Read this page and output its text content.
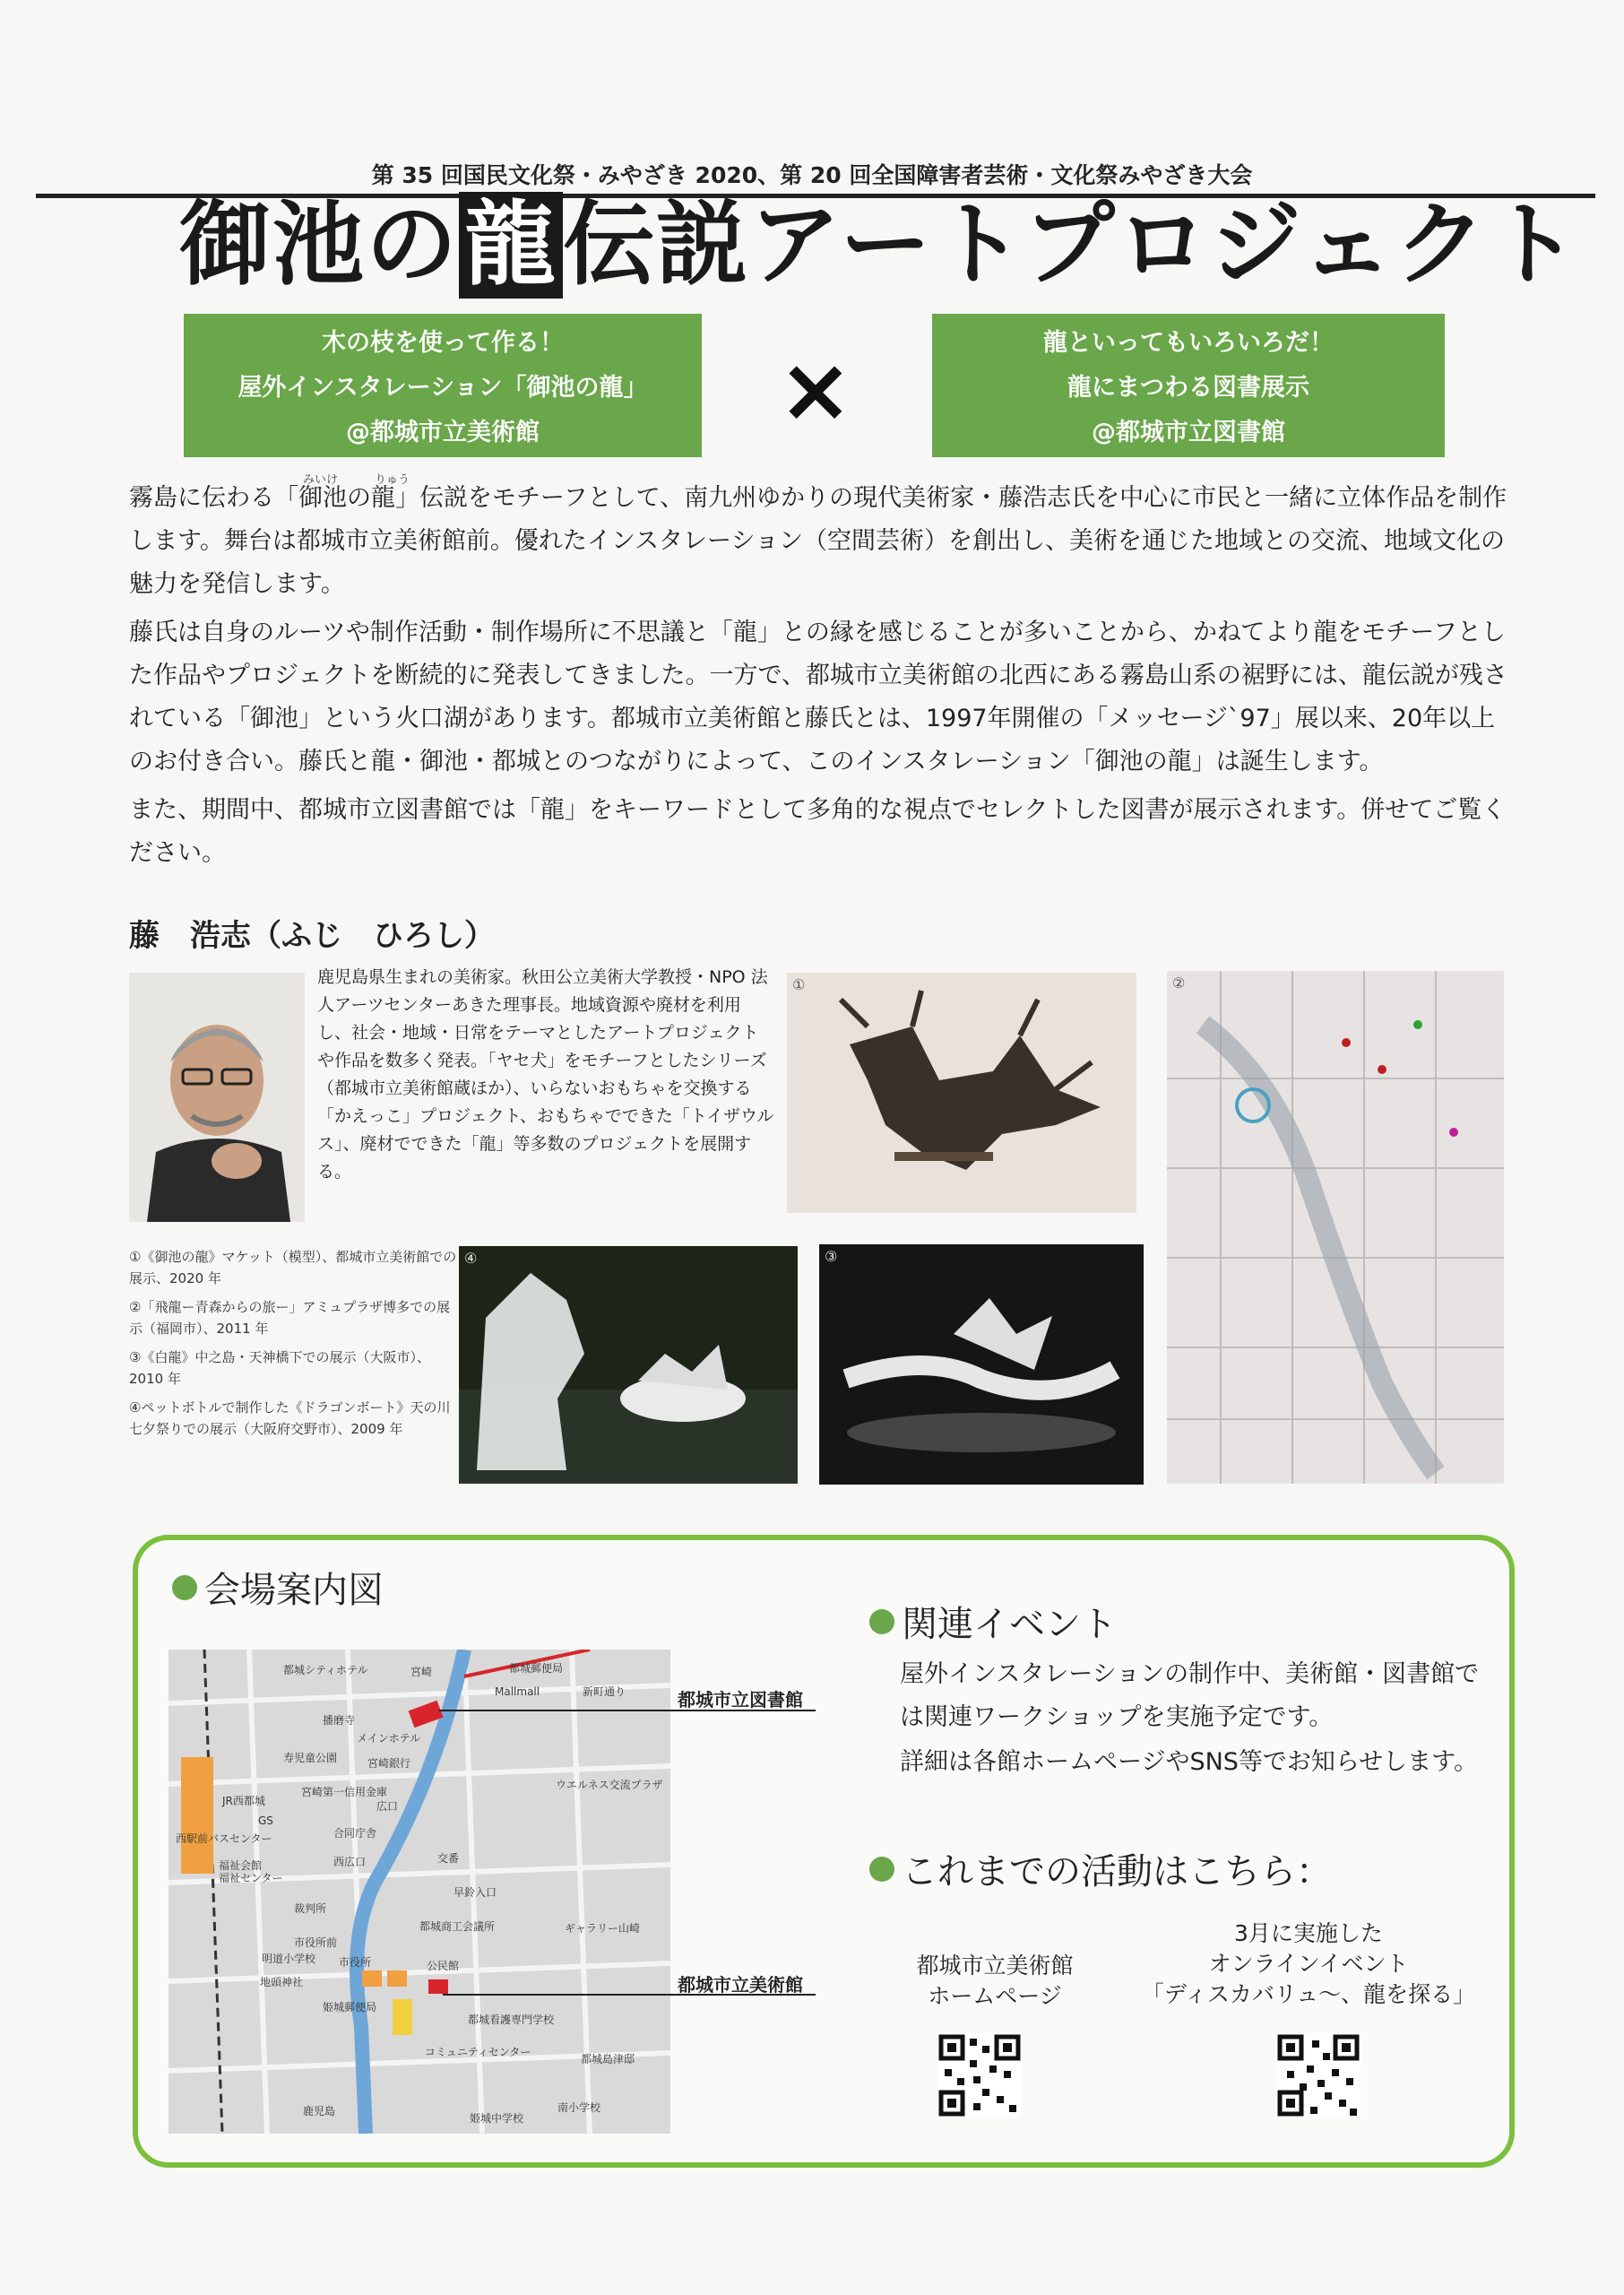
第 35 回国民文化祭・みやざき 2020、第 20 回全国障害者芸術・文化祭みやざき大会
御池の龍伝説アートプロジェクト
木の枝を使って作る！
屋外インスタレーション「御池の龍」
@都城市立美術館	×	龍といってもいろいろだ！
龍にまつわる図書展示
@都城市立図書館
みいけ	りゅう

霧島に伝わる「御池の龍」伝説をモチーフとして、南九州ゆかりの現代美術家・藤浩志氏を中心に市民と一緒に立体作品を制作します。舞台は都城市立美術館前。優れたインスタレーション（空間芸術）を創出し、美術を通じた地域との交流、地域文化の魅力を発信します。

藤氏は自身のルーツや制作活動・制作場所に不思議と「龍」との縁を感じることが多いことから、かねてより龍をモチーフとした作品やプロジェクトを断続的に発表してきました。一方で、都城市立美術館の北西にある霧島山系の裾野には、龍伝説が残されている「御池」という火口湖があります。都城市立美術館と藤氏とは、1997年開催の「メッセージ`97」展以来、20年以上のお付き合い。藤氏と龍・御池・都城とのつながりによって、このインスタレーション「御池の龍」は誕生します。

また、期間中、都城市立図書館では「龍」をキーワードとして多角的な視点でセレクトした図書が展示されます。併せてご覧ください。

藤　浩志（ふじ　ひろし）
鹿児島県生まれの美術家。秋田公立美術大学教授・NPO 法人アーツセンターあきた理事長。地域資源や廃材を利用し、社会・地域・日常をテーマとしたアートプロジェクトや作品を数多く発表。「ヤセ犬」をモチーフとしたシリーズ（都城市立美術館蔵ほか）、いらないおもちゃを交換する「かえっこ」プロジェクト、おもちゃでできた「トイザウルス」、廃材でできた「龍」等多数のプロジェクトを展開する。
①《御池の龍》マケット（模型）、都城市立美術館での展示、2020 年
②「飛龍ー青森からの旅ー」アミュプラザ博多での展示（福岡市）、2011 年
③《白龍》中之島・天神橋下での展示（大阪市）、2010 年
④ペットボトルで制作した《ドラゴンボート》天の川七夕祭りでの展示（大阪府交野市）、2009 年
①	②
④	③
会場案内図
都城シティホテル	宮崎	都城郵便局
Mallmall	新町通り
播磨寺
メインホテル
寿児童公園	宮崎銀行
宮崎第一信用金庫
JR西都城
GS
西駅前バスセンター
福祉会館
福祉センター
合同庁舎
広口
西広口	交番
早鈴入口
ウエルネス交流プラザ
裁判所
都城商工会議所	ギャラリー山崎
市役所前
明道小学校 市役所	公民館
地頭神社
姫城郵便局
都城看護専門学校
コミュニティセンター
都城島津邸
鹿児島
姫城中学校
南小学校
都城市立図書館
都城市立美術館
関連イベント
屋外インスタレーションの制作中、美術館・図書館では関連ワークショップを実施予定です。
詳細は各館ホームページやSNS等でお知らせします。
これまでの活動はこちら：
都城市立美術館
ホームページ
3月に実施した
オンラインイベント
「ディスカバリュ～、龍を探る」
